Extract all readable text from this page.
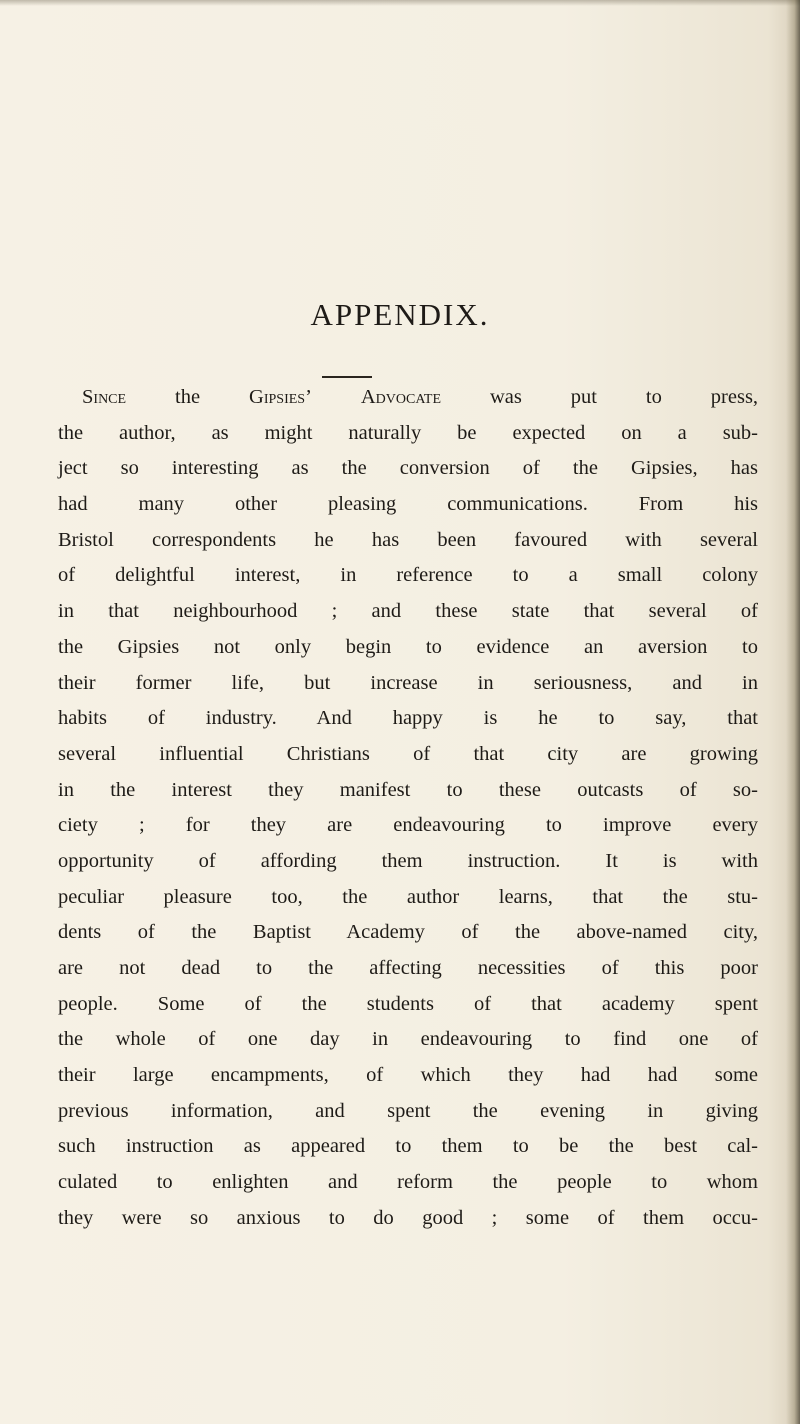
APPENDIX.
Since the Gipsies’ Advocate was put to press,
the author, as might naturally be expected on a sub-
ject so interesting as the conversion of the Gipsies, has
had many other pleasing communications. From his
Bristol correspondents he has been favoured with several
of delightful interest, in reference to a small colony
in that neighbourhood ; and these state that several of
the Gipsies not only begin to evidence an aversion to
their former life, but increase in seriousness, and in
habits of industry. And happy is he to say, that
several influential Christians of that city are growing
in the interest they manifest to these outcasts of so-
ciety ; for they are endeavouring to improve every
opportunity of affording them instruction. It is with
peculiar pleasure too, the author learns, that the stu-
dents of the Baptist Academy of the above-named city,
are not dead to the affecting necessities of this poor
people. Some of the students of that academy spent
the whole of one day in endeavouring to find one of
their large encampments, of which they had had some
previous information, and spent the evening in giving
such instruction as appeared to them to be the best cal-
culated to enlighten and reform the people to whom
they were so anxious to do good ; some of them occu-
